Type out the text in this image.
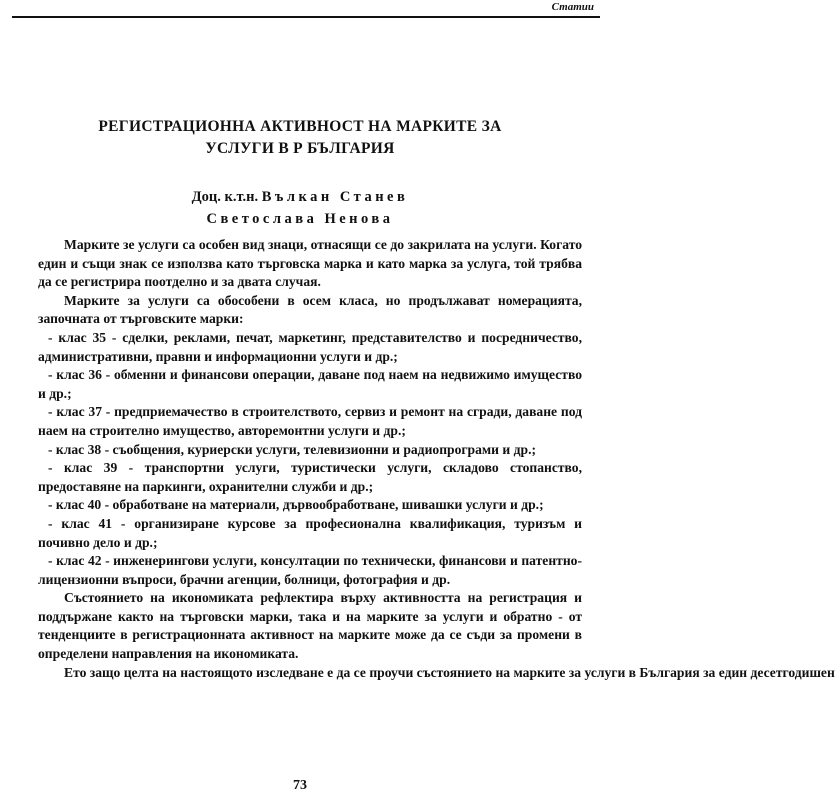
Статии
РЕГИСТРАЦИОННА АКТИВНОСТ НА МАРКИТЕ ЗА
УСЛУГИ В Р БЪЛГАРИЯ
Доц. к.т.н. Вълкан Станев
Светослава Ненова

Марките зе услуги са особен вид знаци, отнасящи се до закрилата на услуги. Когато един и същи знак се използва като търговска марка и като марка за услуга, той трябва да се регистрира поотделно и за двата случая.

Марките за услуги са обособени в осем класа, но продължават номерацията, започната от търговските марки:

- клас 35 - сделки, реклами, печат, маркетинг, представителство и посредничество, административни, правни и информационни услуги и др.;

- клас 36 - обменни и финансови операции, даване под наем на недвижимо имущество и др.;

- клас 37 - предприемачество в строителството, сервиз и ремонт на сгради, даване под наем на строително имущество, авторемонтни услуги и др.;

- клас 38 - съобщения, куриерски услуги, телевизионни и радиопрограми и др.;

- клас 39 - транспортни услуги, туристически услуги, складово стопанство, предоставяне на паркинги, охранителни служби и др.;

- клас 40 - обработване на материали, дървообработване, шивашки услуги и др.;

- клас 41 - организиране курсове за професионална квалификация, туризъм и почивно дело и др.;

- клас 42 - инженерингови услуги, консултации по технически, финансови и патентно-лицензионни въпроси, брачни агенции, болници, фотография и др.

Състоянието на икономиката рефлектира върху активността на регистрация и поддържане както на търговски марки, така и на марките за услуги и обратно - от тенденциите в регистрационната активност на марките може да се съди за промени в определени направления на икономиката.

Ето защо целта на настоящото изследване е да се проучи състоянието на марките за услуги в България за един десетгодишен

73
